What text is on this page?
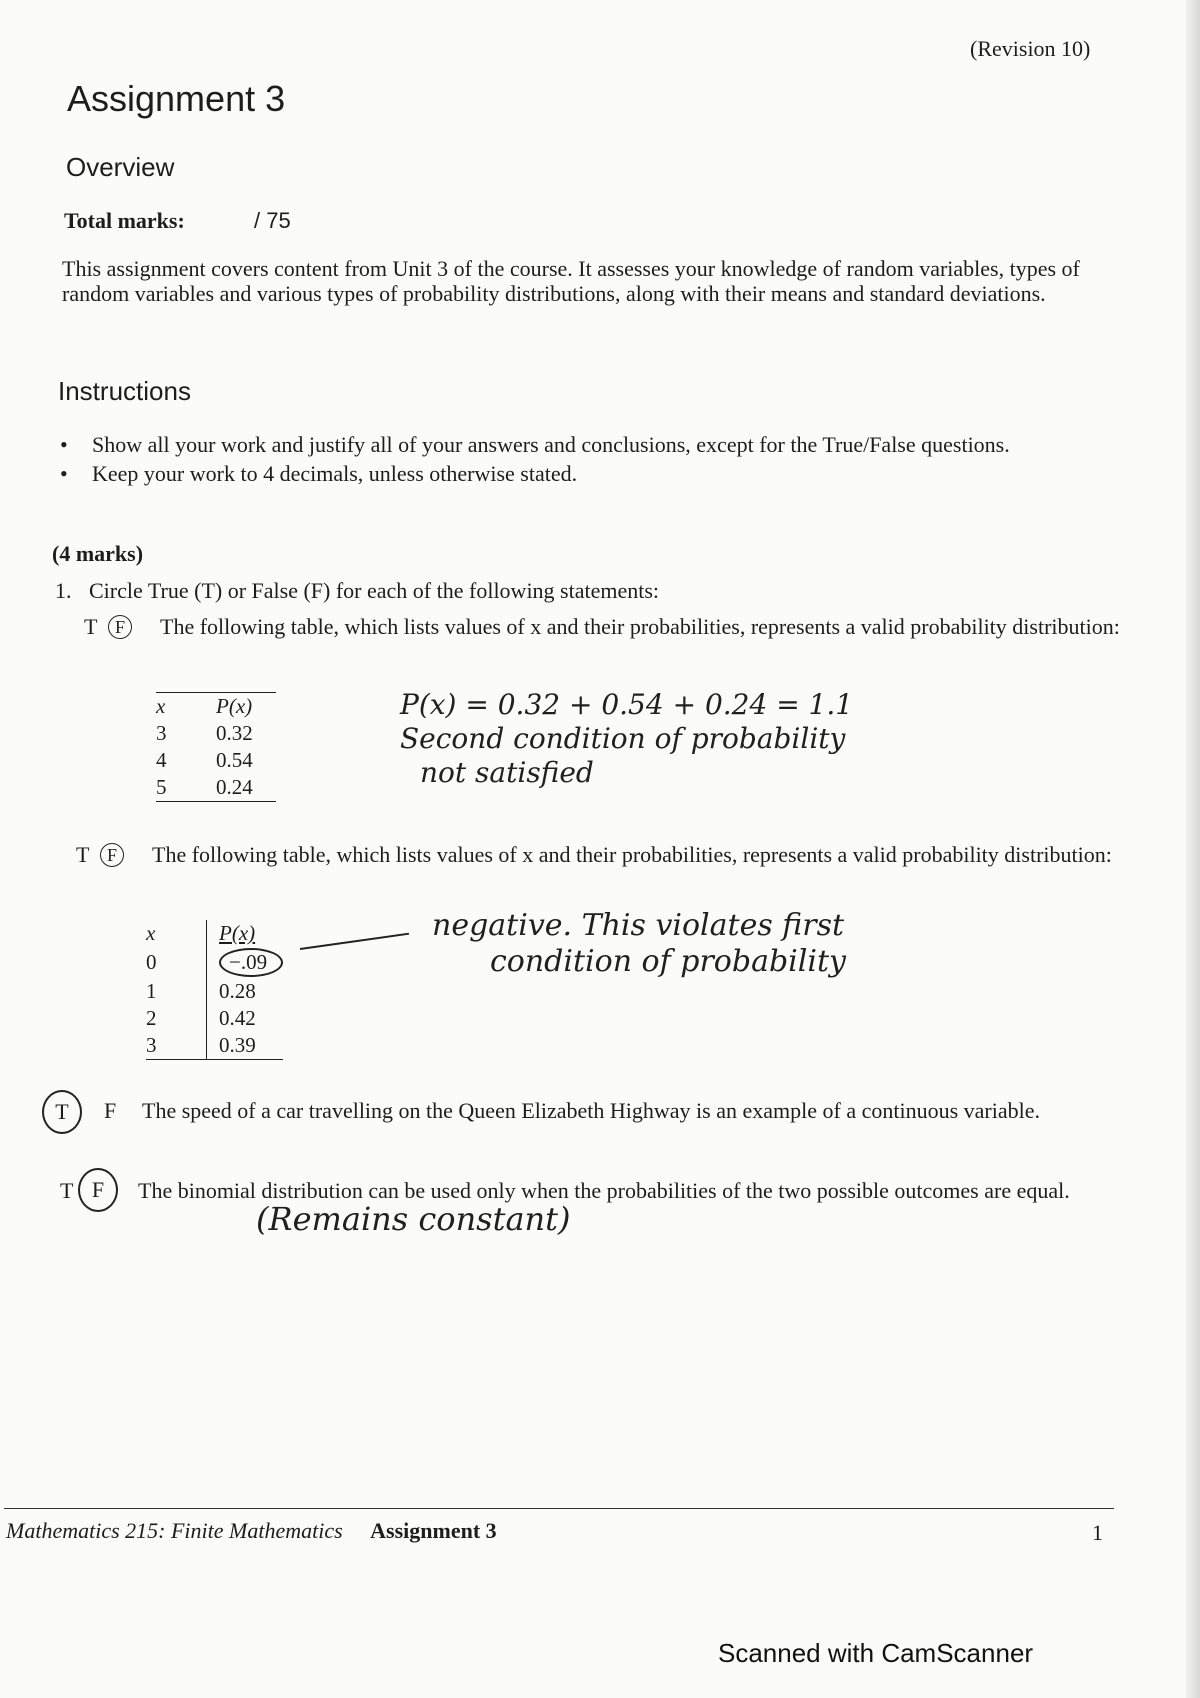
(Revision 10)
Assignment 3
Overview
Total marks:	/ 75
This assignment covers content from Unit 3 of the course. It assesses your knowledge of random variables, types of random variables and various types of probability distributions, along with their means and standard deviations.
Instructions
• Show all your work and justify all of your answers and conclusions, except for the True/False questions.
• Keep your work to 4 decimals, unless otherwise stated.
(4 marks)
1. Circle True (T) or False (F) for each of the following statements:
T F	The following table, which lists values of x and their probabilities, represents a valid probability distribution:
x	P(x)
3	0.32
4	0.54
5	0.24
P(x) = 0.32 + 0.54 + 0.24 = 1.1
Second condition of probability
not satisfied
T F	The following table, which lists values of x and their probabilities, represents a valid probability distribution:
x	P(x)
0	−.09
1	0.28
2	0.42
3	0.39
negative. This violates first
condition of probability
T	F The speed of a car travelling on the Queen Elizabeth Highway is an example of a continuous variable.
T F	The binomial distribution can be used only when the probabilities of the two possible outcomes are equal.
(Remains constant)
Mathematics 215: Finite Mathematics Assignment 3	1
Scanned with CamScanner
